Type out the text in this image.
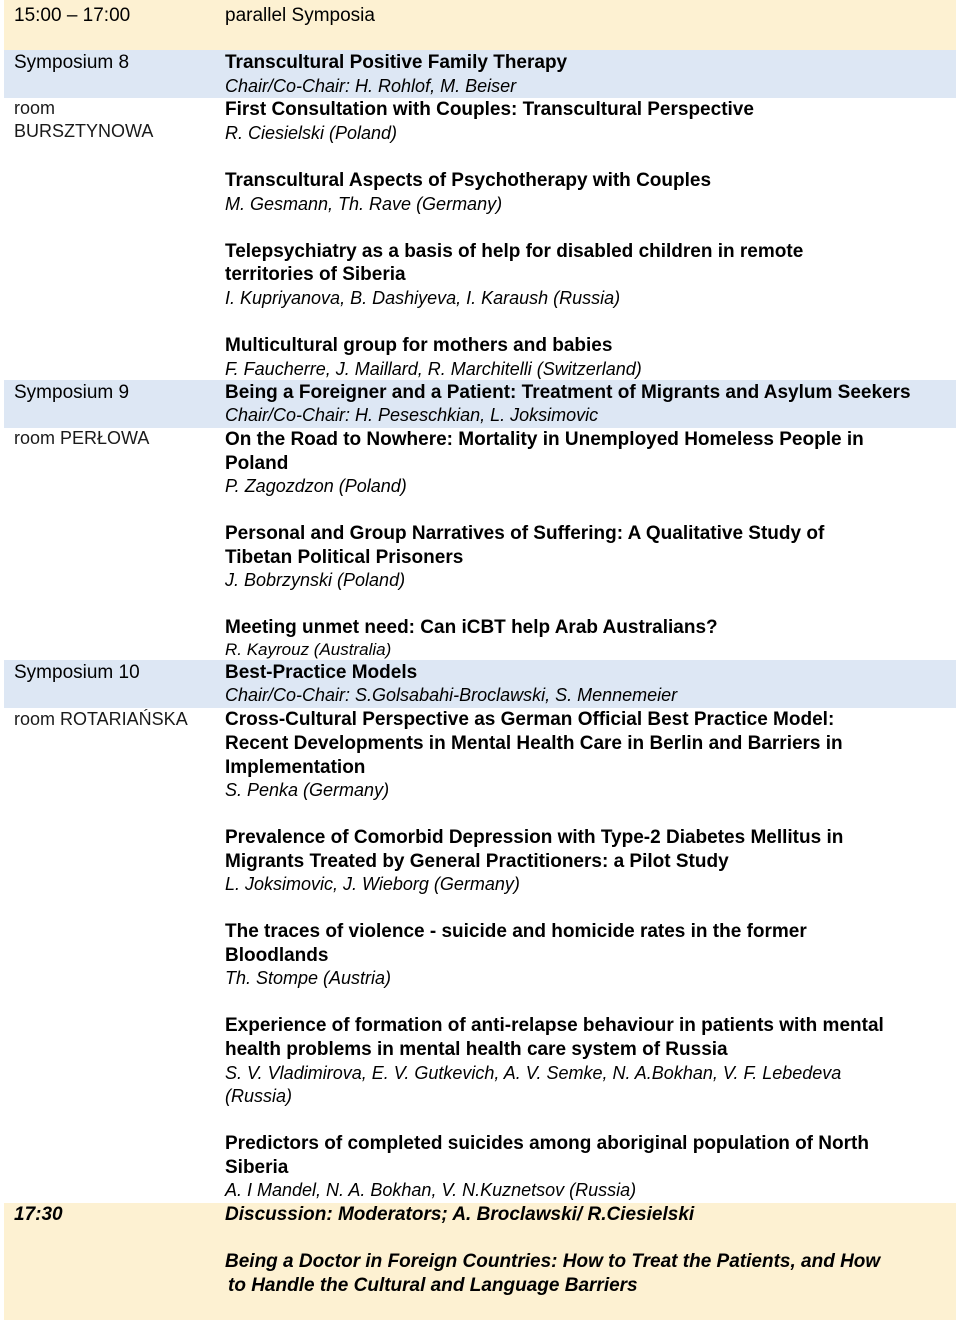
15:00 – 17:00	parallel Symposia
Symposium 8
room
BURSZTYNOWA
Transcultural Positive Family Therapy
Chair/Co-Chair: H. Rohlof, M. Beiser
First Consultation with Couples: Transcultural Perspective
R. Ciesielski (Poland)
Transcultural Aspects of Psychotherapy with Couples
M. Gesmann, Th. Rave (Germany)
Telepsychiatry as a basis of help for disabled children in remote
territories of Siberia
I. Kupriyanova, B. Dashiyeva, I. Karaush (Russia)
Multicultural group for mothers and babies
F. Faucherre, J. Maillard, R. Marchitelli (Switzerland)
Symposium 9
room PERŁOWA
Being a Foreigner and a Patient: Treatment of Migrants and Asylum Seekers
Chair/Co-Chair: H. Peseschkian, L. Joksimovic
On the Road to Nowhere: Mortality in Unemployed Homeless People in
Poland
P. Zagozdzon (Poland)
Personal and Group Narratives of Suffering: A Qualitative Study of
Tibetan Political Prisoners
J. Bobrzynski (Poland)
Meeting unmet need: Can iCBT help Arab Australians?
R. Kayrouz (Australia)
Symposium 10
room ROTARIAŃSKA
Best-Practice Models
Chair/Co-Chair: S.Golsabahi-Broclawski, S. Mennemeier
Cross-Cultural Perspective as German Official Best Practice Model:
Recent Developments in Mental Health Care in Berlin and Barriers in
Implementation
S. Penka (Germany)
Prevalence of Comorbid Depression with Type-2 Diabetes Mellitus in
Migrants Treated by General Practitioners: a Pilot Study
L. Joksimovic, J. Wieborg (Germany)
The traces of violence - suicide and homicide rates in the former
Bloodlands
Th. Stompe (Austria)
Experience of formation of anti-relapse behaviour in patients with mental
health problems in mental health care system of Russia
S. V. Vladimirova, E. V. Gutkevich, A. V. Semke, N. A.Bokhan, V. F. Lebedeva
(Russia)
Predictors of completed suicides among aboriginal population of North
Siberia
A. I Mandel, N. A. Bokhan, V. N.Kuznetsov (Russia)
17:30	Discussion: Moderators; A. Broclawski/ R.Ciesielski
Being a Doctor in Foreign Countries: How to Treat the Patients, and How
to Handle the Cultural and Language Barriers
